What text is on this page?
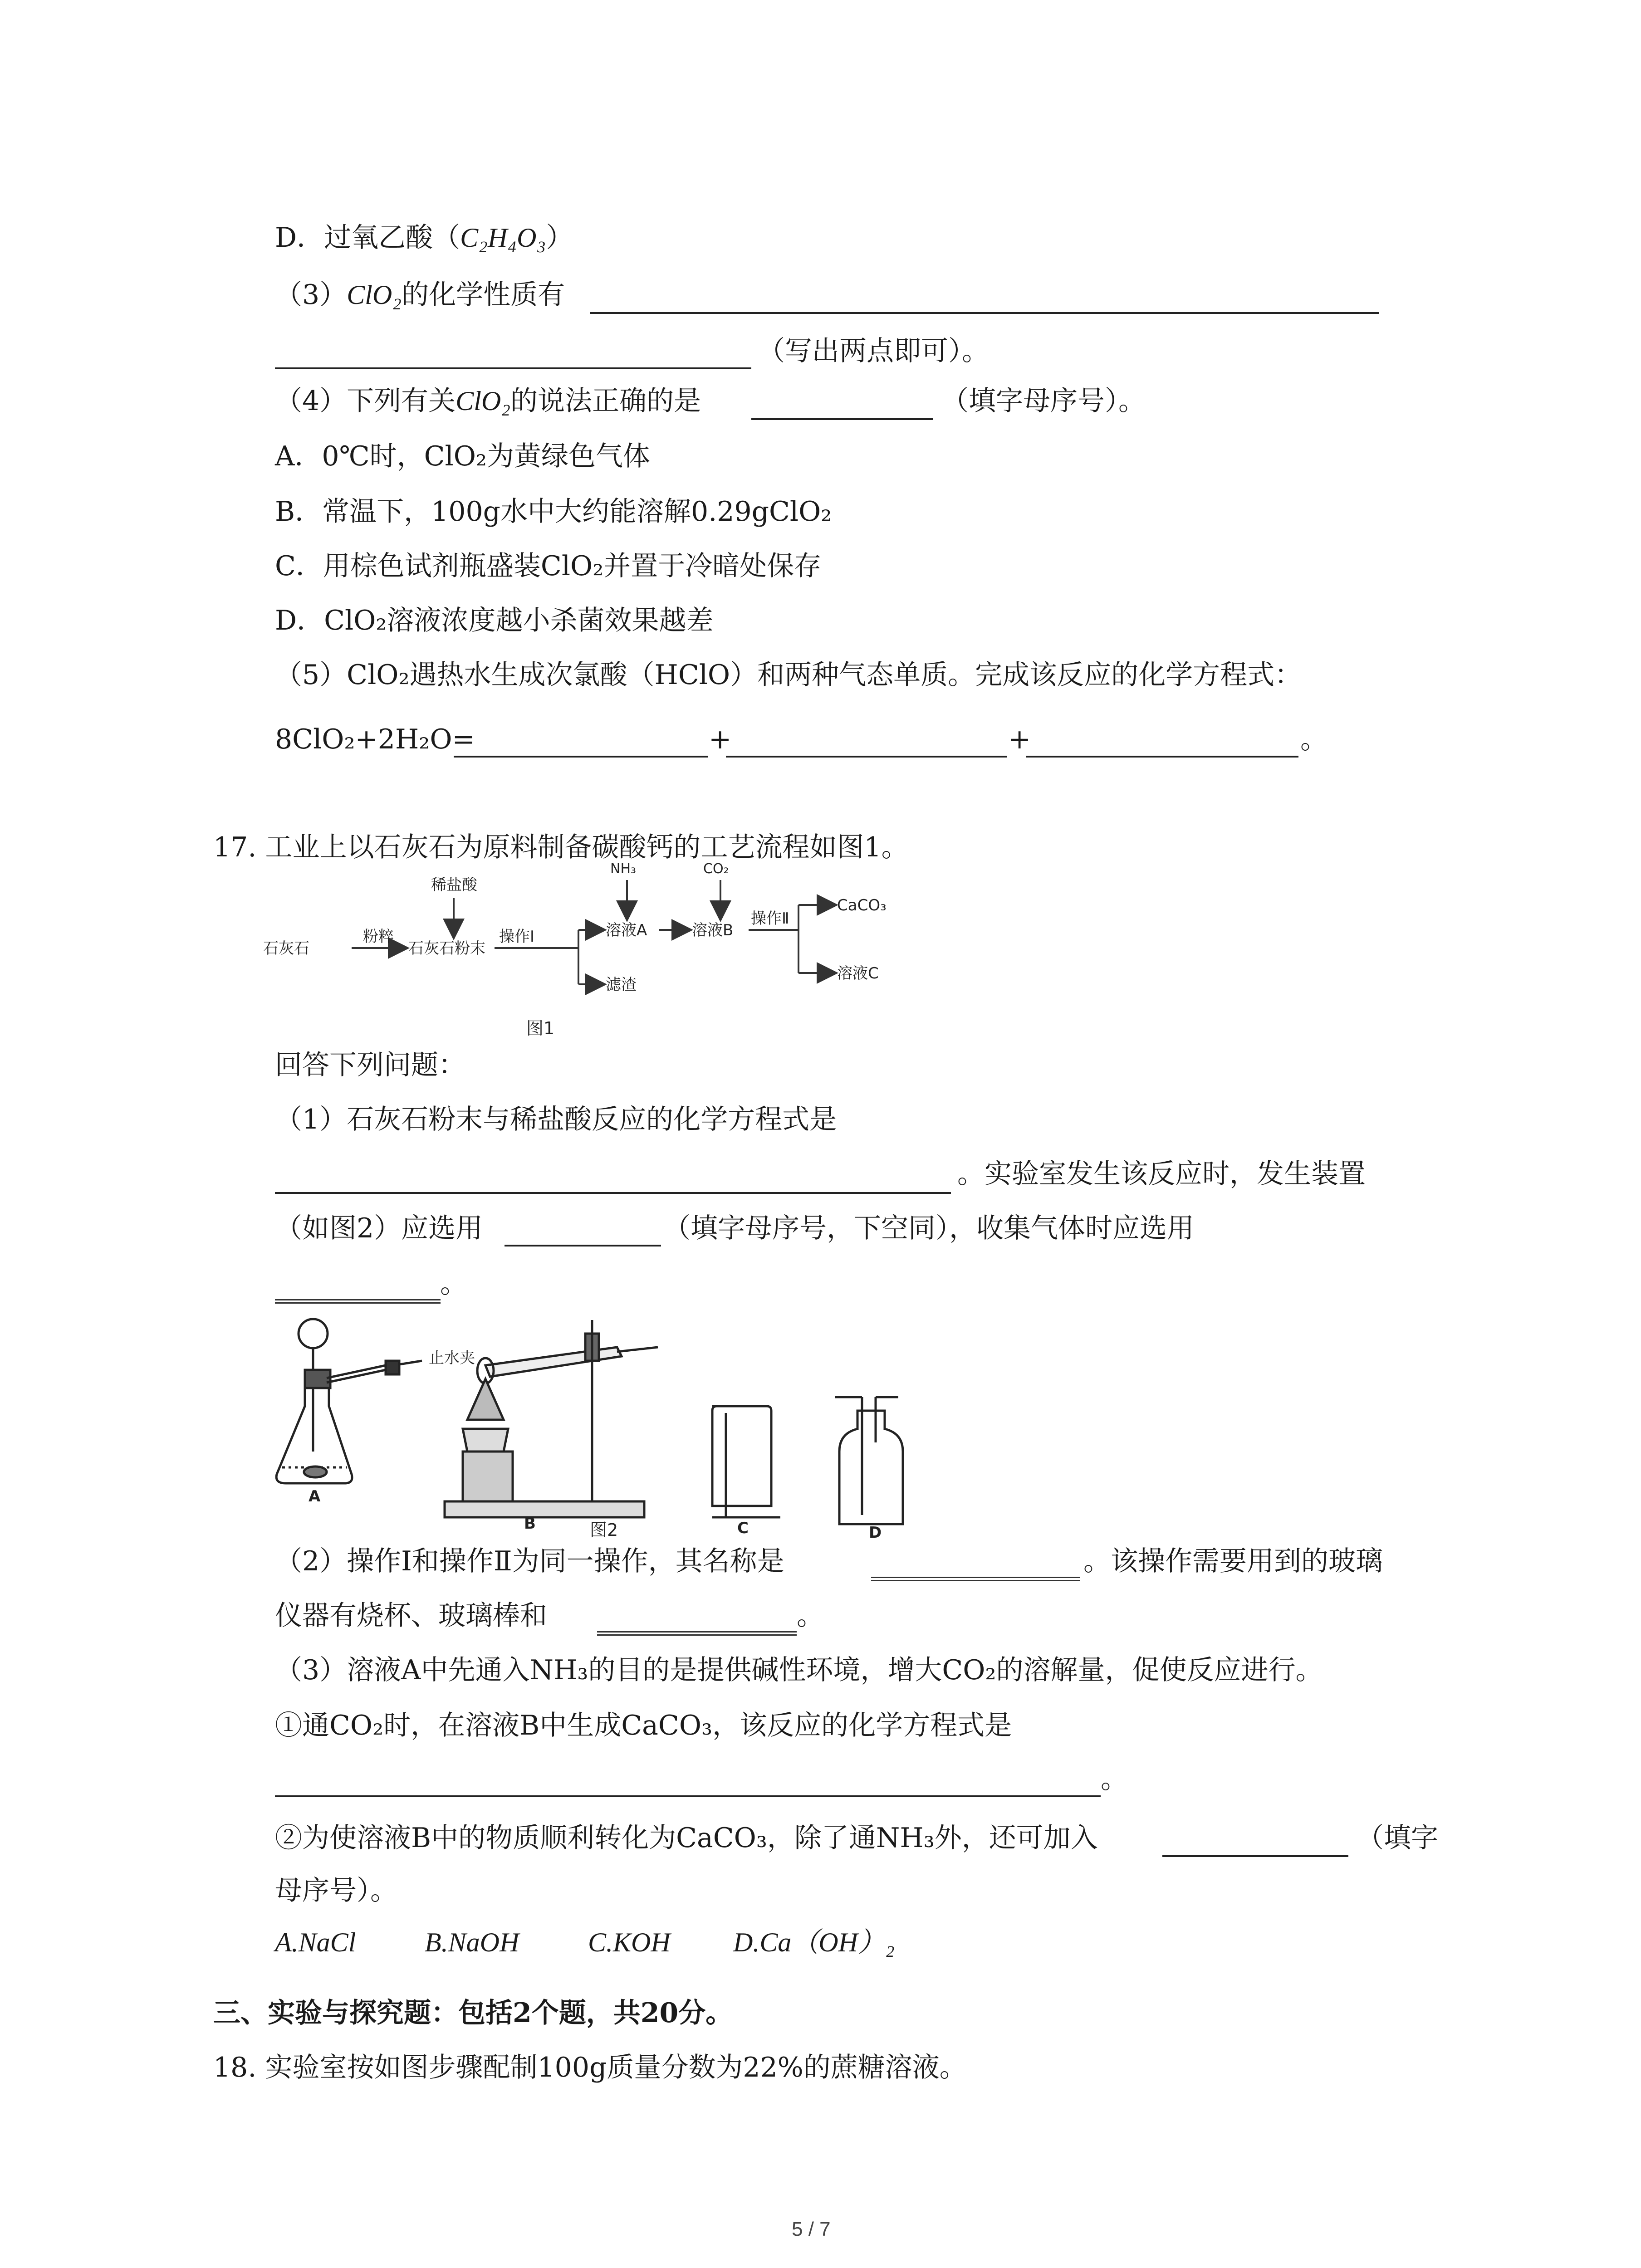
D．过氧乙酸（C₂H₄O₃）
（3）ClO₂的化学性质有
（写出两点即可）。
（4）下列有关ClO₂的说法正确的是	（填字母序号）。
A．0℃时，ClO₂为黄绿色气体
B．常温下，100g水中大约能溶解0.29gClO₂
C．用棕色试剂瓶盛装ClO₂并置于冷暗处保存
D．ClO₂溶液浓度越小杀菌效果越差
（5）ClO₂遇热水生成次氯酸（HClO）和两种气态单质。完成该反应的化学方程式：
8ClO₂+2H₂O=	+	+	。
17. 工业上以石灰石为原料制备碳酸钙的工艺流程如图1。
石灰石
粉粹
稀盐酸
石灰石粉末
操作Ⅰ
NH₃
溶液A
滤渣
CO₂
溶液B
操作Ⅱ
CaCO₃
溶液C
图1
回答下列问题：
（1）石灰石粉末与稀盐酸反应的化学方程式是
。实验室发生该反应时，发生装置
（如图2）应选用	（填字母序号，下空同），收集气体时应选用
。
止水夹
A
B	C	D
图2
（2）操作Ⅰ和操作Ⅱ为同一操作，其名称是	。该操作需要用到的玻璃
仪器有烧杯、玻璃棒和	。
（3）溶液A中先通入NH₃的目的是提供碱性环境，增大CO₂的溶解量，促使反应进行。
①通CO₂时，在溶液B中生成CaCO₃，该反应的化学方程式是
。
②为使溶液B中的物质顺利转化为CaCO₃，除了通NH₃外，还可加入	（填字
母序号）。
A.NaCl	B.NaOH	C.KOH D.Ca（OH）₂
三、实验与探究题：包括2个题，共20分。
18. 实验室按如图步骤配制100g质量分数为22%的蔗糖溶液。
5 / 7
